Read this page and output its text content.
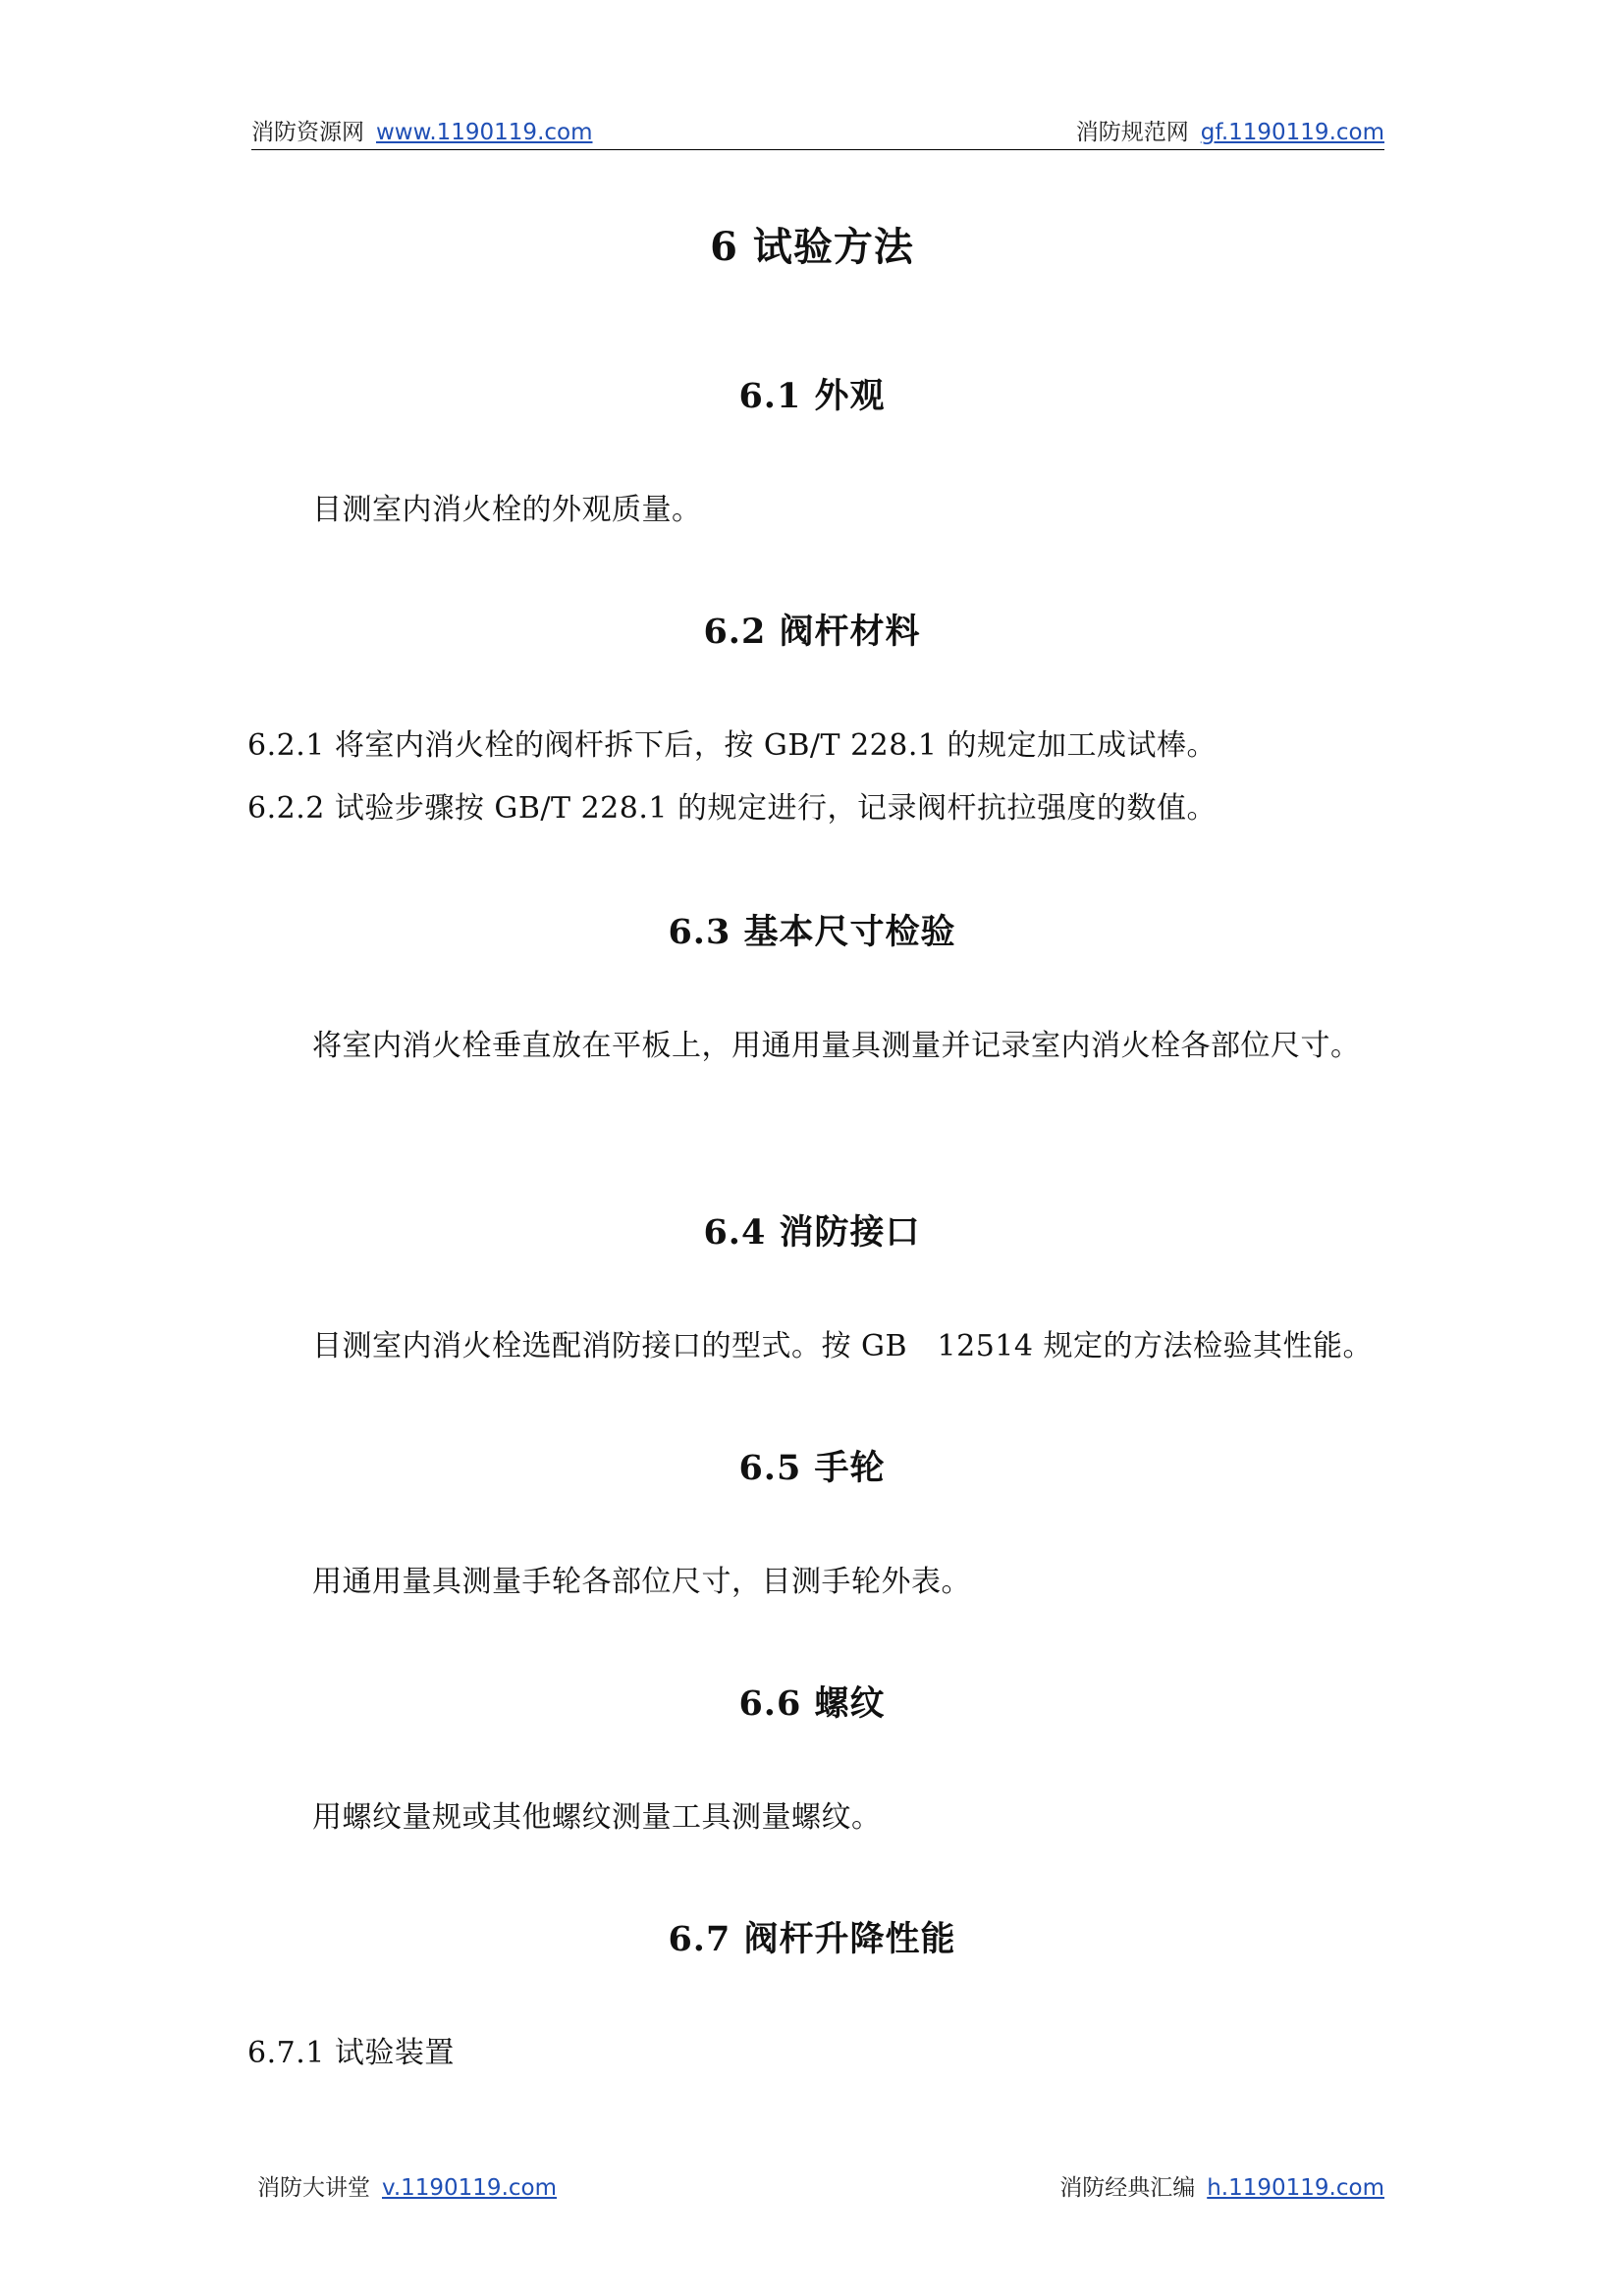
消防资源网 www.1190119.com	消防规范网 gf.1190119.com
6 试验方法
6.1 外观
目测室内消火栓的外观质量。
6.2 阀杆材料
6.2.1 将室内消火栓的阀杆拆下后，按 GB/T 228.1 的规定加工成试棒。
6.2.2 试验步骤按 GB/T 228.1 的规定进行，记录阀杆抗拉强度的数值。
6.3 基本尺寸检验
将室内消火栓垂直放在平板上，用通用量具测量并记录室内消火栓各部位尺寸。
6.4 消防接口
目测室内消火栓选配消防接口的型式。按 GB　12514 规定的方法检验其性能。
6.5 手轮
用通用量具测量手轮各部位尺寸，目测手轮外表。
6.6 螺纹
用螺纹量规或其他螺纹测量工具测量螺纹。
6.7 阀杆升降性能
6.7.1 试验装置
消防大讲堂 v.1190119.com	消防经典汇编 h.1190119.com
